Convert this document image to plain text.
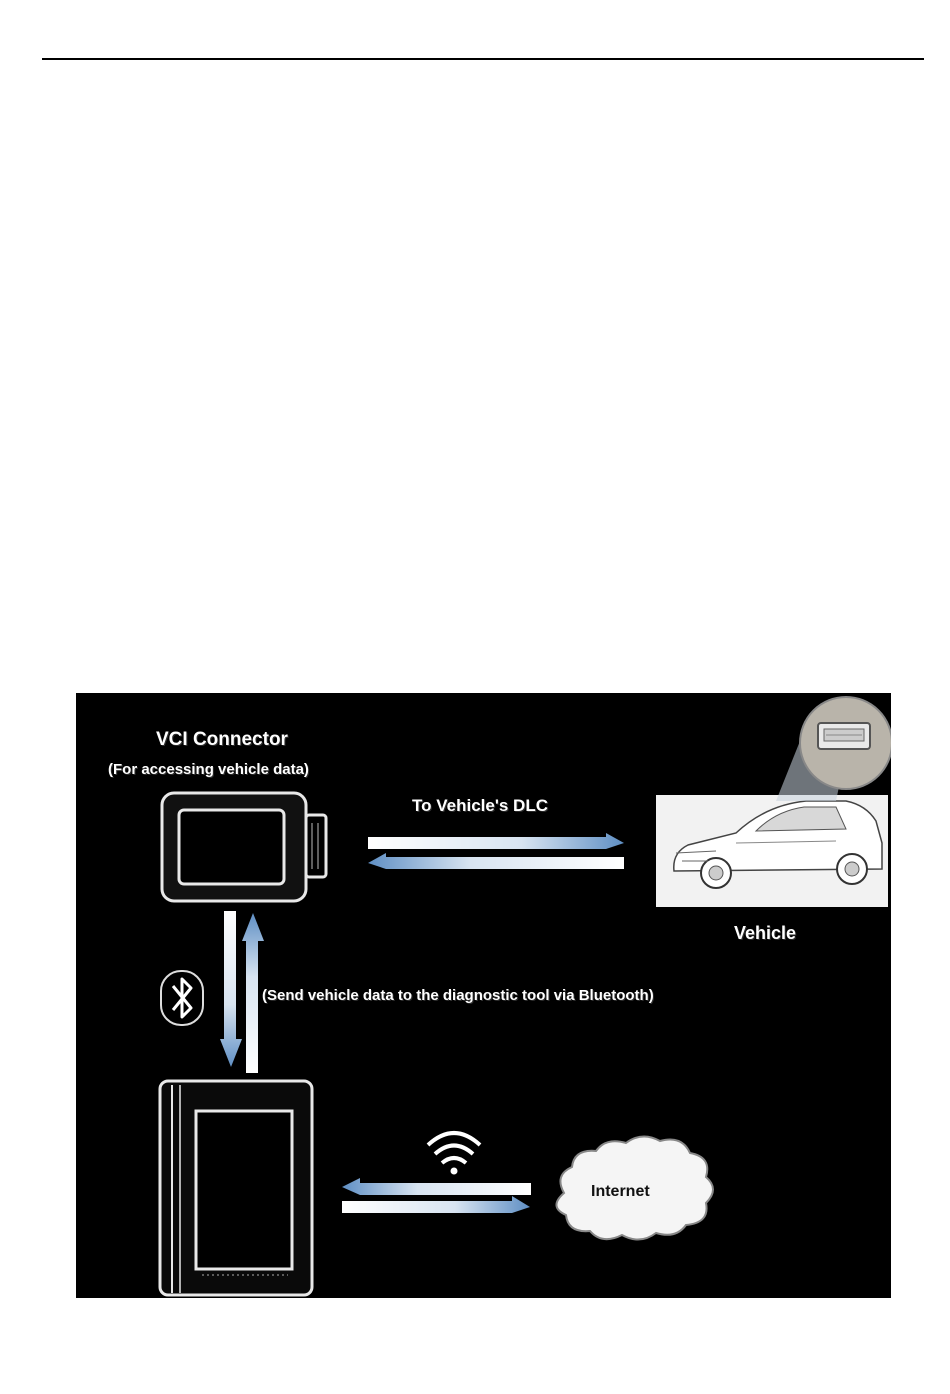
VCI Connector
(For accessing vehicle data)
To Vehicle's DLC
Vehicle
(Send vehicle data to the diagnostic tool via Bluetooth)
Internet
